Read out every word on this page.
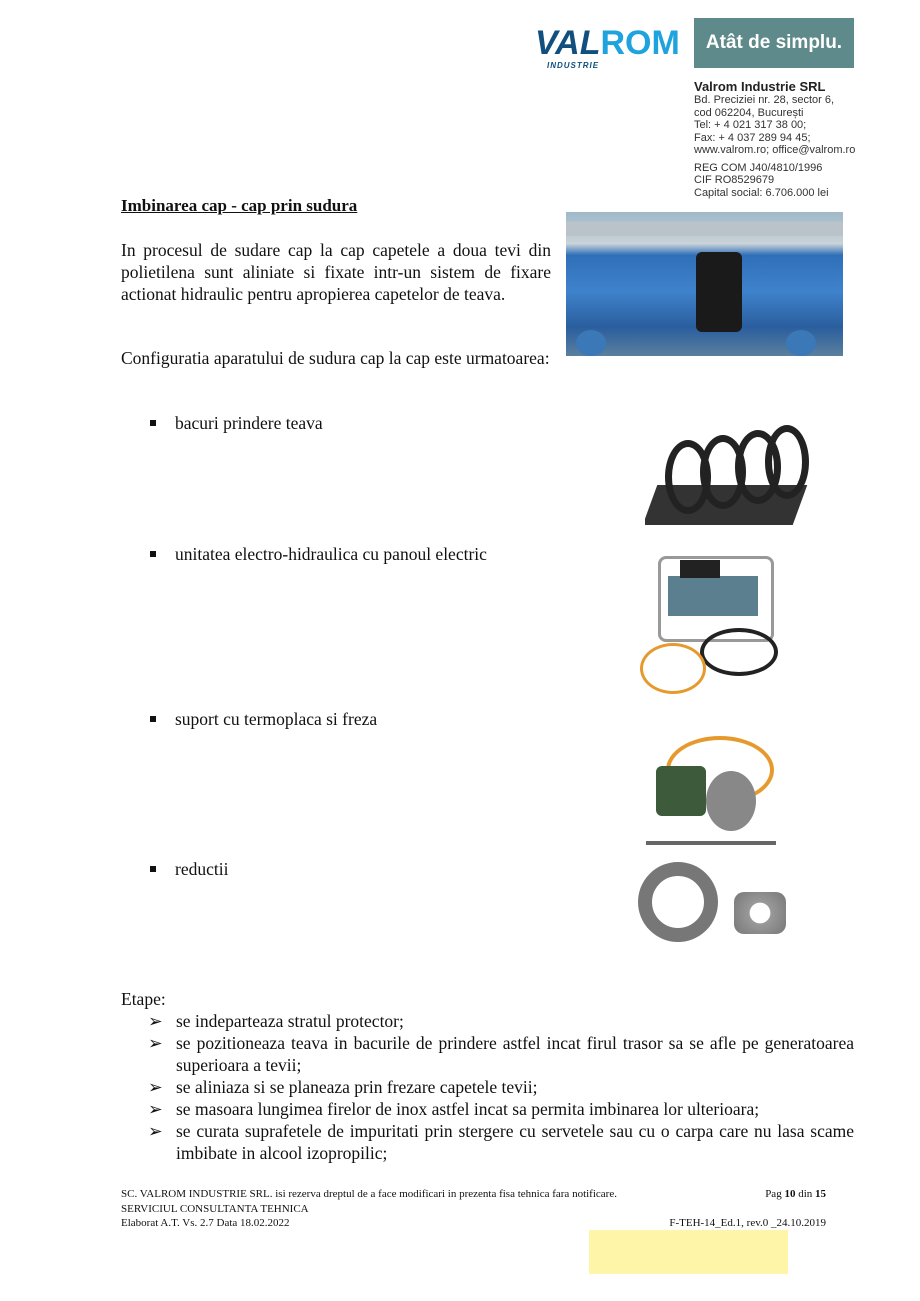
VAL ROM
INDUSTRIE
Atât de simplu.
Valrom Industrie SRL
Bd. Preciziei nr. 28, sector 6,
cod 062204, București
Tel: + 4 021 317 38 00;
Fax: + 4 037 289 94 45;
www.valrom.ro; office@valrom.ro
REG COM J40/4810/1996
CIF RO8529679
Capital social: 6.706.000 lei
Imbinarea cap - cap prin sudura
In procesul de sudare cap la cap capetele a doua tevi din polietilena sunt aliniate si fixate intr-un sistem de fixare actionat hidraulic pentru apropierea capetelor de teava.
Configuratia aparatului de sudura cap la cap este urmatoarea:
bacuri prindere teava
unitatea electro-hidraulica cu panoul electric
suport cu termoplaca si freza
reductii
Etape:
➢ se indeparteaza stratul protector;
➢ se pozitioneaza teava in bacurile de prindere astfel incat firul trasor sa se afle pe generatoarea superioara a tevii;
➢ se aliniaza si se planeaza prin frezare capetele tevii;
➢ se masoara lungimea firelor de inox astfel incat sa permita imbinarea lor ulterioara;
➢ se curata suprafetele de impuritati prin stergere cu servetele sau cu o carpa care nu lasa scame imbibate in alcool izopropilic;
SC. VALROM INDUSTRIE SRL. isi rezerva dreptul de a face modificari in prezenta fisa tehnica fara notificare.	Pag 10 din 15
SERVICIUL CONSULTANTA TEHNICA
Elaborat A.T. Vs. 2.7 Data 18.02.2022	F-TEH-14_Ed.1, rev.0 _24.10.2019
